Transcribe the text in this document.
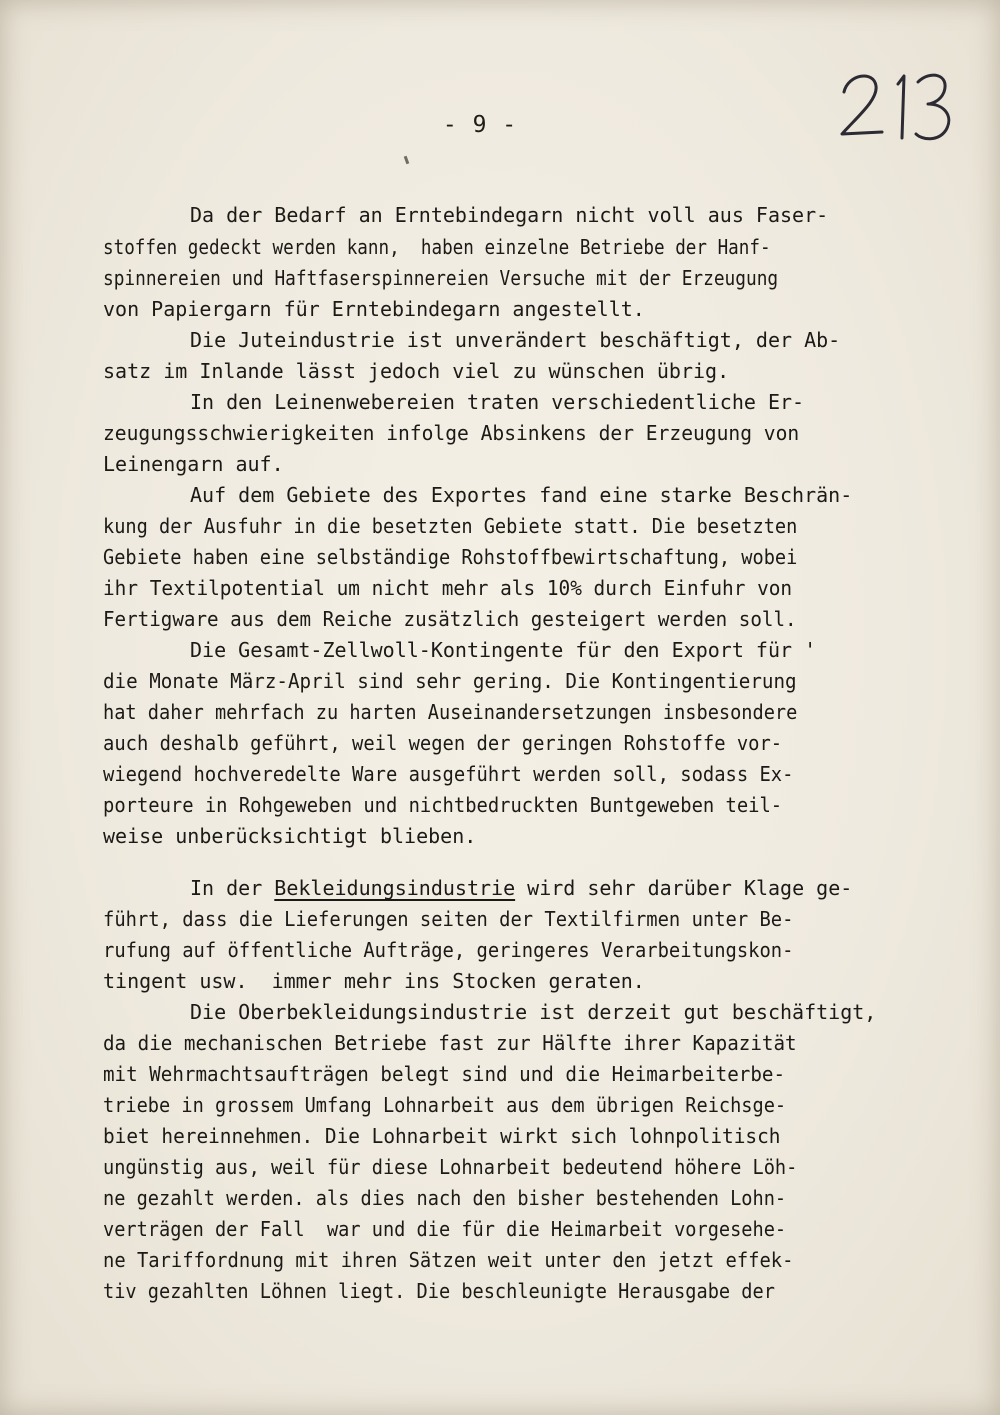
- 9 -
Da der Bedarf an Erntebindegarn nicht voll aus Faser-
stoffen gedeckt werden kann,  haben einzelne Betriebe der Hanf-
spinnereien und Haftfaserspinnereien Versuche mit der Erzeugung
von Papiergarn für Erntebindegarn angestellt.
Die Juteindustrie ist unverändert beschäftigt, der Ab-
satz im Inlande lässt jedoch viel zu wünschen übrig.
In den Leinenwebereien traten verschiedentliche Er-
zeugungsschwierigkeiten infolge Absinkens der Erzeugung von
Leinengarn auf.
Auf dem Gebiete des Exportes fand eine starke Beschrän-
kung der Ausfuhr in die besetzten Gebiete statt. Die besetzten
Gebiete haben eine selbständige Rohstoffbewirtschaftung, wobei
ihr Textilpotential um nicht mehr als 10% durch Einfuhr von
Fertigware aus dem Reiche zusätzlich gesteigert werden soll.
Die Gesamt-Zellwoll-Kontingente für den Export für '
die Monate März-April sind sehr gering. Die Kontingentierung
hat daher mehrfach zu harten Auseinandersetzungen insbesondere
auch deshalb geführt, weil wegen der geringen Rohstoffe vor-
wiegend hochveredelte Ware ausgeführt werden soll, sodass Ex-
porteure in Rohgeweben und nichtbedruckten Buntgeweben teil-
weise unberücksichtigt blieben.
In der Bekleidungsindustrie wird sehr darüber Klage ge-
führt, dass die Lieferungen seiten der Textilfirmen unter Be-
rufung auf öffentliche Aufträge, geringeres Verarbeitungskon-
tingent usw.  immer mehr ins Stocken geraten.
Die Oberbekleidungsindustrie ist derzeit gut beschäftigt,
da die mechanischen Betriebe fast zur Hälfte ihrer Kapazität
mit Wehrmachtsaufträgen belegt sind und die Heimarbeiterbe-
triebe in grossem Umfang Lohnarbeit aus dem übrigen Reichsge-
biet hereinnehmen. Die Lohnarbeit wirkt sich lohnpolitisch
ungünstig aus, weil für diese Lohnarbeit bedeutend höhere Löh-
ne gezahlt werden. als dies nach den bisher bestehenden Lohn-
verträgen der Fall  war und die für die Heimarbeit vorgesehe-
ne Tariffordnung mit ihren Sätzen weit unter den jetzt effek-
tiv gezahlten Löhnen liegt. Die beschleunigte Herausgabe der
